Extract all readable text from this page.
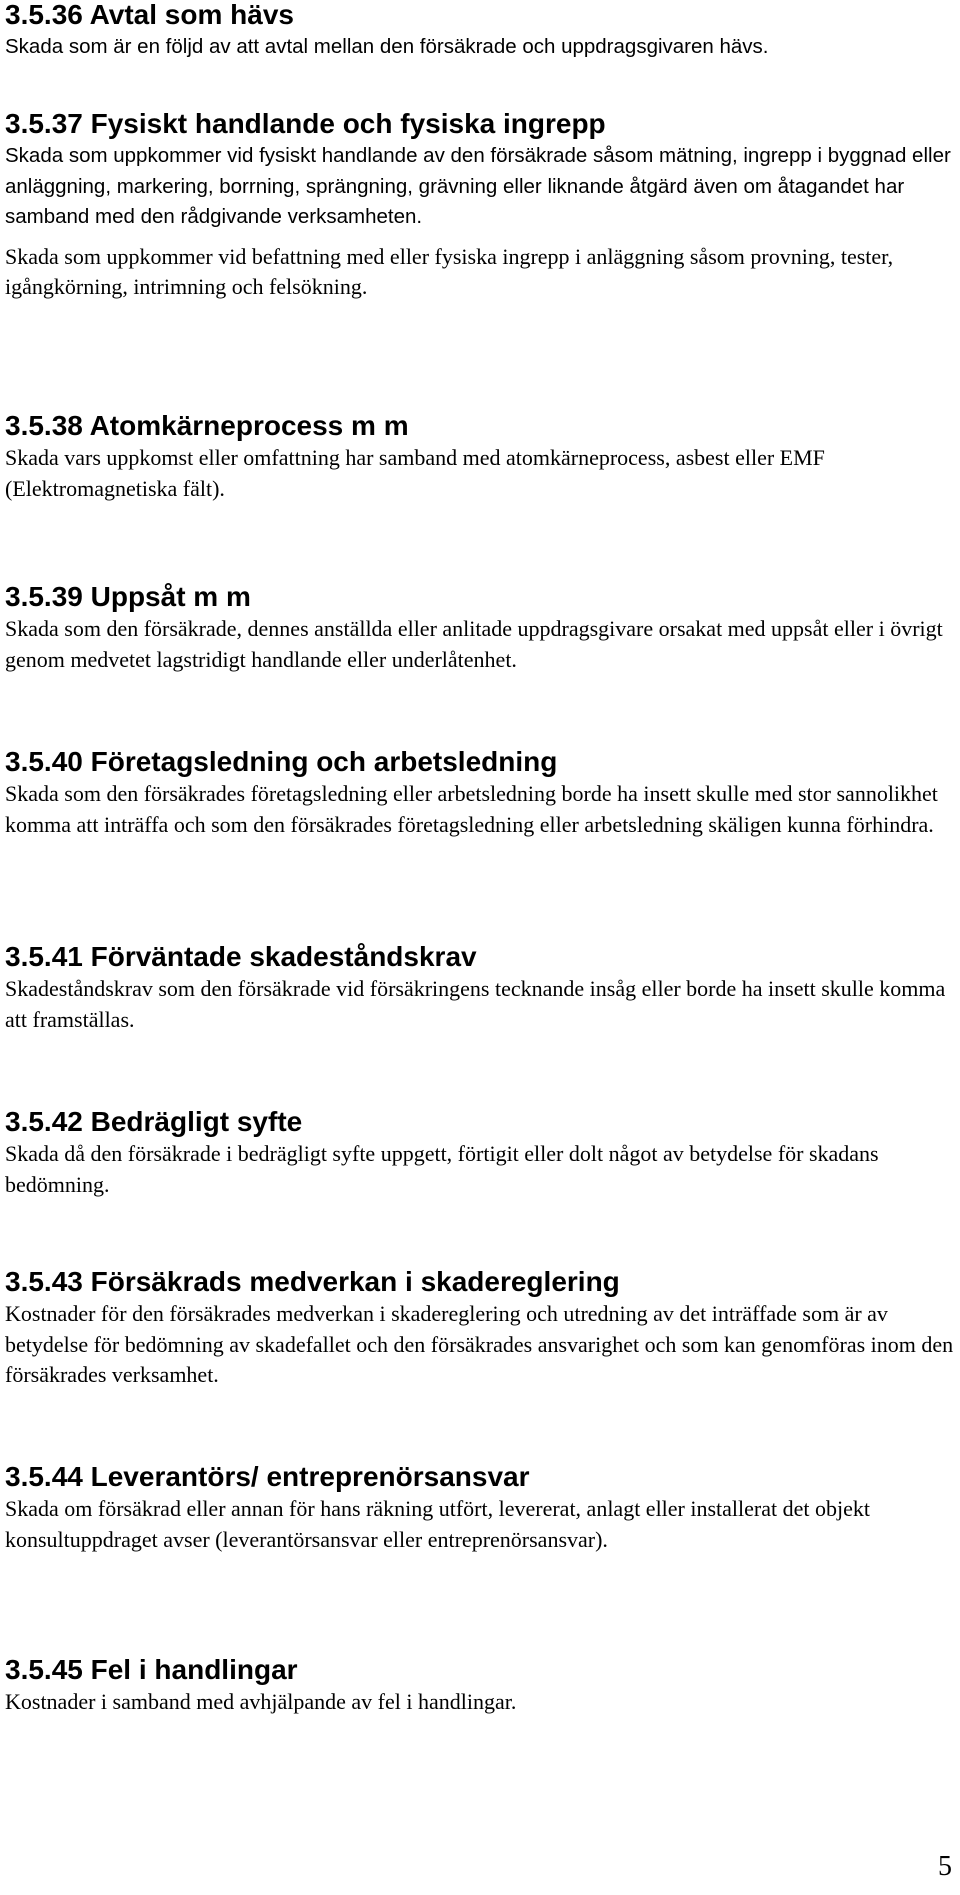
3.5.36 Avtal som hävs

Skada som är en följd av att avtal mellan den försäkrade och uppdragsgivaren hävs.

3.5.37 Fysiskt handlande och fysiska ingrepp

Skada som uppkommer vid fysiskt handlande av den försäkrade såsom mätning, ingrepp i byggnad eller anläggning, markering, borrning, sprängning, grävning eller liknande åtgärd även om åtagandet har samband med den rådgivande verksamheten.

Skada som uppkommer vid befattning med eller fysiska ingrepp i anläggning såsom provning, tester, igångkörning, intrimning och felsökning.

3.5.38 Atomkärneprocess m m

Skada vars uppkomst eller omfattning har samband med atomkärneprocess, asbest eller EMF (Elektromagnetiska fält).

3.5.39 Uppsåt m m

Skada som den försäkrade, dennes anställda eller anlitade uppdragsgivare orsakat med uppsåt eller i övrigt genom medvetet lagstridigt handlande eller underlåtenhet.

3.5.40 Företagsledning och arbetsledning

Skada som den försäkrades företagsledning eller arbetsledning borde ha insett skulle med stor sannolikhet komma att inträffa och som den försäkrades företagsledning eller arbetsledning skäligen kunna förhindra.

3.5.41 Förväntade skadeståndskrav

Skadeståndskrav som den försäkrade vid försäkringens tecknande insåg eller borde ha insett skulle komma att framställas.

3.5.42 Bedrägligt syfte

Skada då den försäkrade i bedrägligt syfte uppgett, förtigit eller dolt något av betydelse för skadans bedömning.

3.5.43 Försäkrads medverkan i skadereglering

Kostnader för den försäkrades medverkan i skadereglering och utredning av det inträffade som är av betydelse för bedömning av skadefallet och den försäkrades ansvarighet och som kan genomföras inom den försäkrades verksamhet.

3.5.44 Leverantörs/ entreprenörsansvar

Skada om försäkrad eller annan för hans räkning utfört, levererat, anlagt eller installerat det objekt konsultuppdraget avser (leverantörsansvar eller entreprenörsansvar).

3.5.45 Fel i handlingar

Kostnader i samband med avhjälpande av fel i handlingar.

5
